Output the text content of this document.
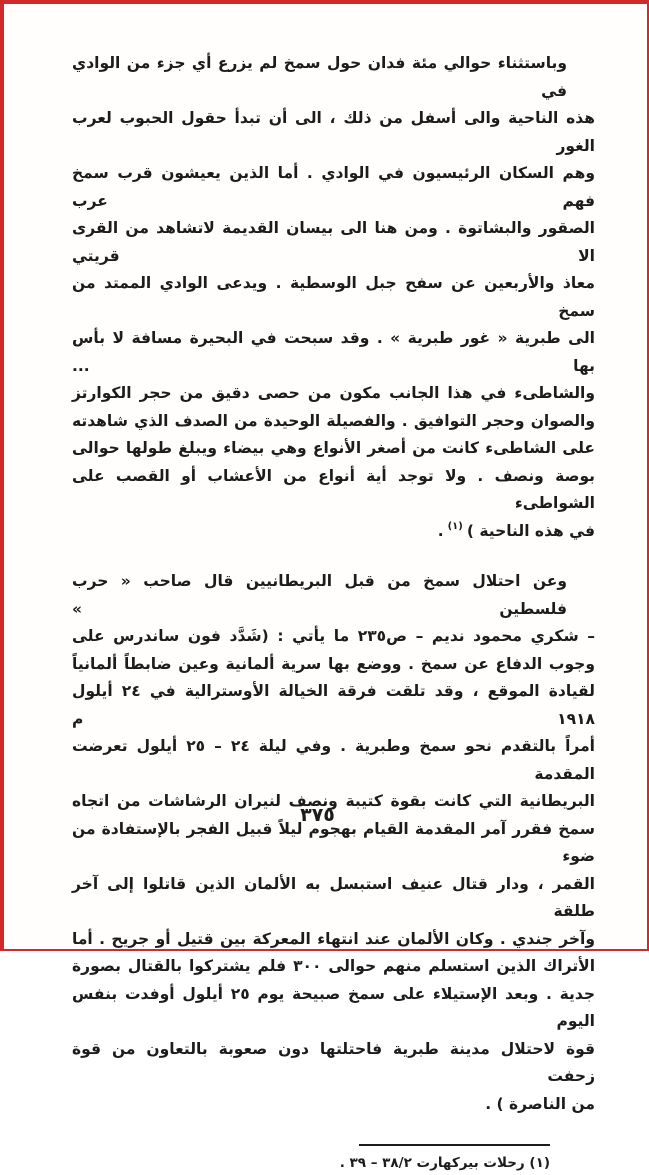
وباستثناء حوالي مئة فدان حول سمخ لم يزرع أي جزء من الوادي في
هذه الناحية والى أسفل من ذلك ، الى أن تبدأ حقول الحبوب لعرب الغور
وهم السكان الرئيسيون في الوادي . أما الذين يعيشون قرب سمخ فهم عرب
الصقور والبشاتوة . ومن هنا الى بيسان القديمة لاتشاهد من القرى الا قريتي
معاذ والأربعين عن سفح جبل الوسطية . ويدعى الوادي الممتد من سمخ
الى طبرية « غور طبرية » . وقد سبحت في البحيرة مسافة لا بأس بها ...
والشاطىء في هذا الجانب مكون من حصى دقيق من حجر الكوارتز
والصوان وحجر التوافيق . والفصيلة الوحيدة من الصدف الذي شاهدته
على الشاطىء كانت من أصغر الأنواع وهي بيضاء ويبلغ طولها حوالى
بوصة ونصف . ولا توجد أية أنواع من الأعشاب أو القصب على الشواطىء
في هذه الناحية )$^{(١)}$.
وعن احتلال سمخ من قبل البريطانيين قال صاحب « حرب فلسطين »
– شكري محمود نديم – ص٢٣٥ ما يأتي : (شَدَّد فون ساندرس على
وجوب الدفاع عن سمخ . ووضع بها سرية ألمانية وعين ضابطاً ألمانياً
لقيادة الموقع ، وقد تلقت فرقة الخيالة الأوسترالية في ٢٤ أيلول ١٩١٨ م
أمراً بالتقدم نحو سمخ وطبرية . وفي ليلة ٢٤ – ٢٥ أيلول تعرضت المقدمة
البريطانية التي كانت بقوة كتيبة ونصف لنيران الرشاشات من اتجاه
سمخ فقرر آمر المقدمة القيام بهجوم ليلاً قبيل الفجر بالإستفادة من ضوء
القمر ، ودار قتال عنيف استبسل به الألمان الذين قاتلوا إلى آخر طلقة
وآخر جندي . وكان الألمان عند انتهاء المعركة بين قتيل أو جريح . أما
الأتراك الذين استسلم منهم حوالى ٣٠٠ فلم يشتركوا بالقتال بصورة
جدية . وبعد الإستيلاء على سمخ صبيحة يوم ٢٥ أيلول أوفدت بنفس اليوم
قوة لاحتلال مدينة طبرية فاحتلتها دون صعوبة بالتعاون من قوة زحفت
من الناصرة ) .
(١) رحلات بيركهارت ٣٨/٢ – ٣٩ .
٣٧٥
